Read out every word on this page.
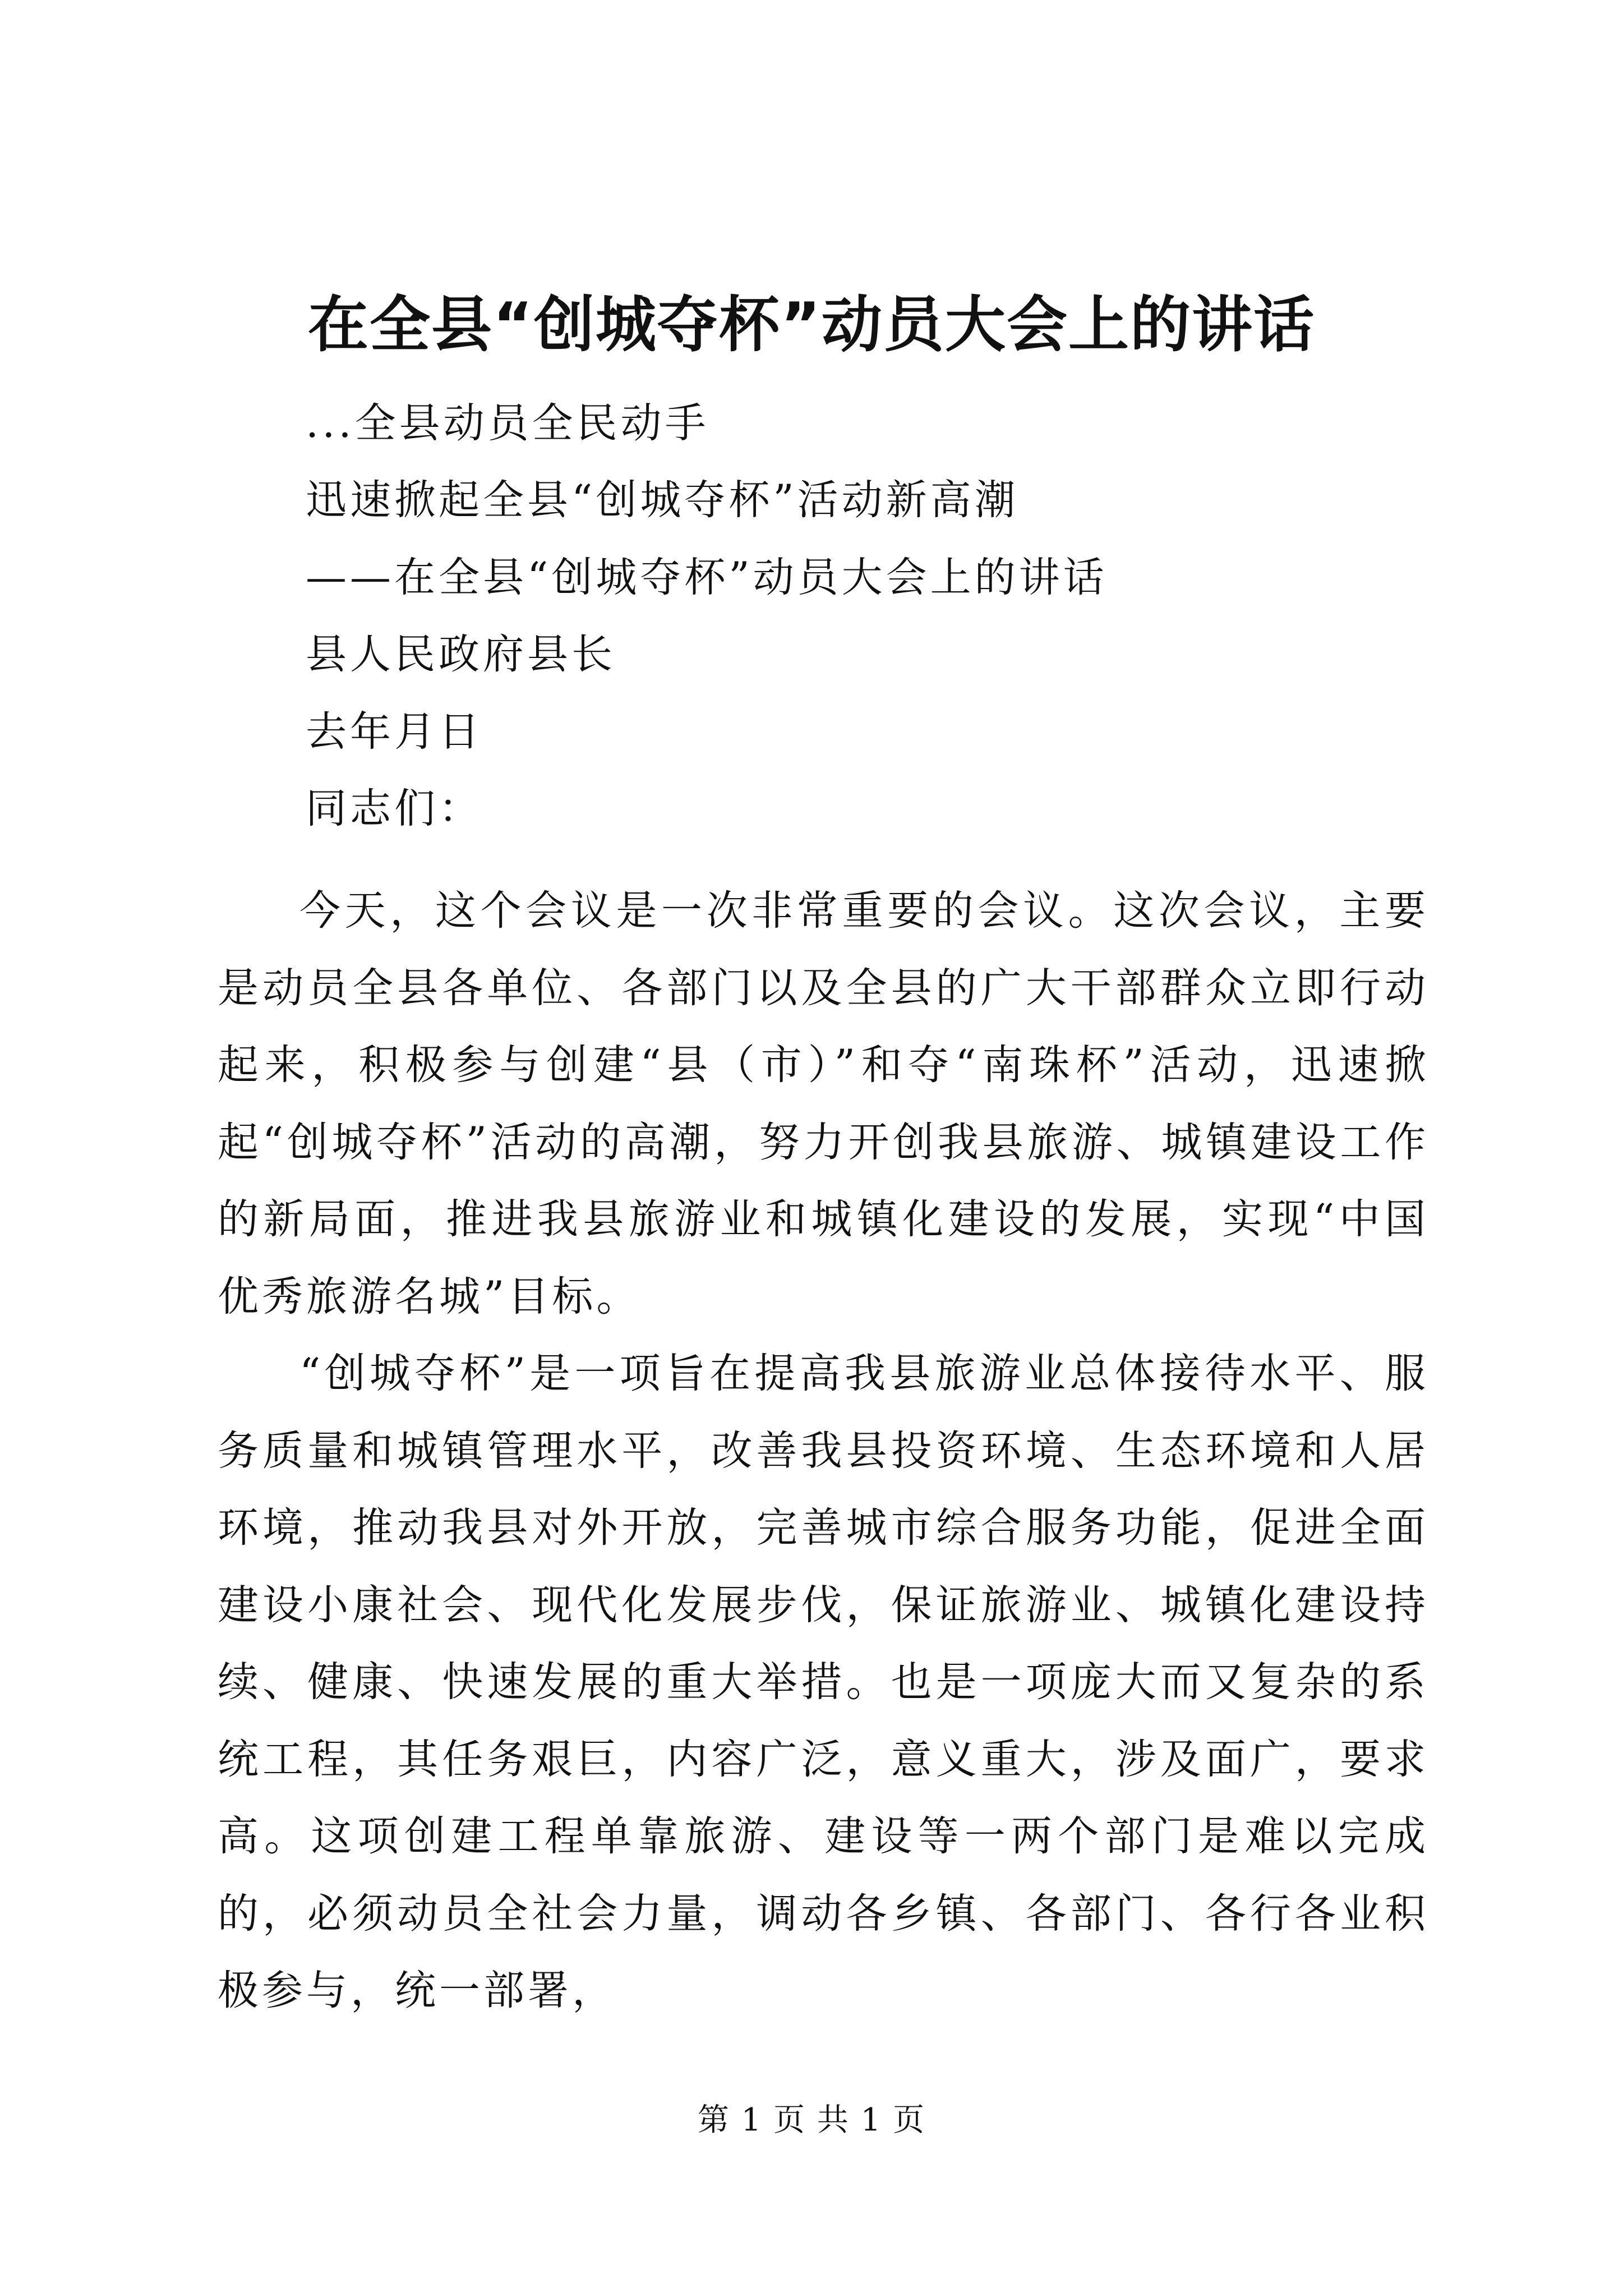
在全县“创城夺杯”动员大会上的讲话
...全县动员全民动手
迅速掀起全县“创城夺杯”活动新高潮
——在全县“创城夺杯”动员大会上的讲话
县人民政府县长
去年月日
同志们：

今天，这个会议是一次非常重要的会议。这次会议，主要是动员全县各单位、各部门以及全县的广大干部群众立即行动起来，积极参与创建“县（市）”和夺“南珠杯”活动，迅速掀起“创城夺杯”活动的高潮，努力开创我县旅游、城镇建设工作的新局面，推进我县旅游业和城镇化建设的发展，实现“中国优秀旅游名城”目标。

“创城夺杯”是一项旨在提高我县旅游业总体接待水平、服务质量和城镇管理水平，改善我县投资环境、生态环境和人居环境，推动我县对外开放，完善城市综合服务功能，促进全面建设小康社会、现代化发展步伐，保证旅游业、城镇化建设持续、健康、快速发展的重大举措。也是一项庞大而又复杂的系统工程，其任务艰巨，内容广泛，意义重大，涉及面广，要求高。这项创建工程单靠旅游、建设等一两个部门是难以完成的，必须动员全社会力量，调动各乡镇、各部门、各行各业积极参与，统一部署，

第 1 页 共 1 页
